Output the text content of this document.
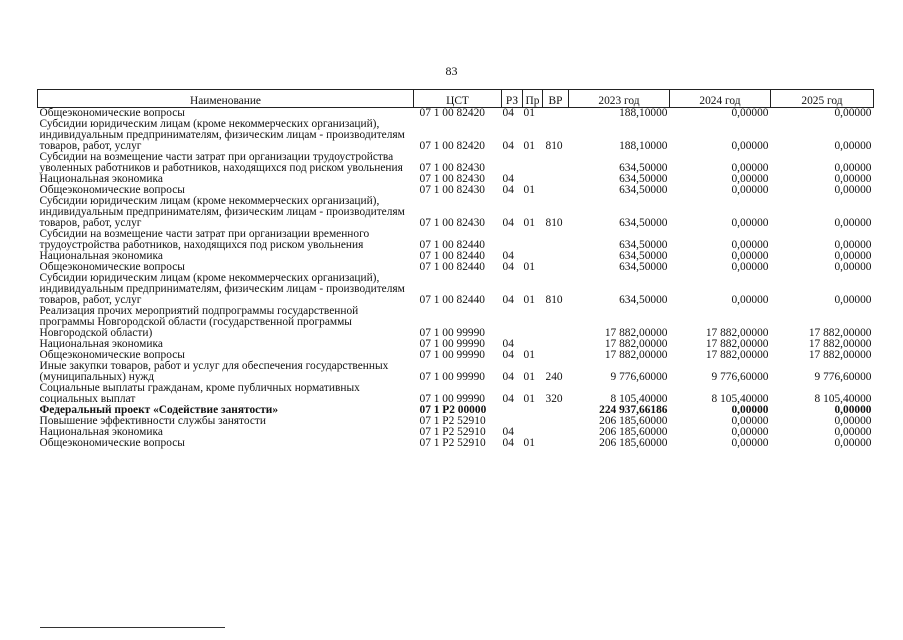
83
Наименование	ЦСТ	РЗ	Пр	ВР	2023 год	2024 год	2025 год
Общеэкономические вопросы	07 1 00 82420	04	01		188,10000	0,00000	0,00000
Субсидии юридическим лицам (кроме некоммерческих организаций), индивидуальным предпринимателям, физическим лицам - производителям товаров, работ, услуг	07 1 00 82420	04	01	810	188,10000	0,00000	0,00000
Субсидии на возмещение части затрат при организации трудоустройства уволенных работников и работников, находящихся под риском увольнения	07 1 00 82430				634,50000	0,00000	0,00000
Национальная экономика	07 1 00 82430	04			634,50000	0,00000	0,00000
Общеэкономические вопросы	07 1 00 82430	04	01		634,50000	0,00000	0,00000
Субсидии юридическим лицам (кроме некоммерческих организаций), индивидуальным предпринимателям, физическим лицам - производителям товаров, работ, услуг	07 1 00 82430	04	01	810	634,50000	0,00000	0,00000
Субсидии на возмещение части затрат при организации временного трудоустройства работников, находящихся под риском увольнения	07 1 00 82440				634,50000	0,00000	0,00000
Национальная экономика	07 1 00 82440	04			634,50000	0,00000	0,00000
Общеэкономические вопросы	07 1 00 82440	04	01		634,50000	0,00000	0,00000
Субсидии юридическим лицам (кроме некоммерческих организаций), индивидуальным предпринимателям, физическим лицам - производителям товаров, работ, услуг	07 1 00 82440	04	01	810	634,50000	0,00000	0,00000
Реализация прочих мероприятий подпрограммы государственной программы Новгородской области (государственной программы Новгородской области)	07 1 00 99990				17 882,00000	17 882,00000	17 882,00000
Национальная экономика	07 1 00 99990	04			17 882,00000	17 882,00000	17 882,00000
Общеэкономические вопросы	07 1 00 99990	04	01		17 882,00000	17 882,00000	17 882,00000
Иные закупки товаров, работ и услуг для обеспечения государственных (муниципальных) нужд	07 1 00 99990	04	01	240	9 776,60000	9 776,60000	9 776,60000
Социальные выплаты гражданам, кроме публичных нормативных социальных выплат	07 1 00 99990	04	01	320	8 105,40000	8 105,40000	8 105,40000
Федеральный проект «Содействие занятости»	07 1 P2 00000				224 937,66186	0,00000	0,00000
Повышение эффективности службы занятости	07 1 P2 52910				206 185,60000	0,00000	0,00000
Национальная экономика	07 1 P2 52910	04			206 185,60000	0,00000	0,00000
Общеэкономические вопросы	07 1 P2 52910	04	01		206 185,60000	0,00000	0,00000
